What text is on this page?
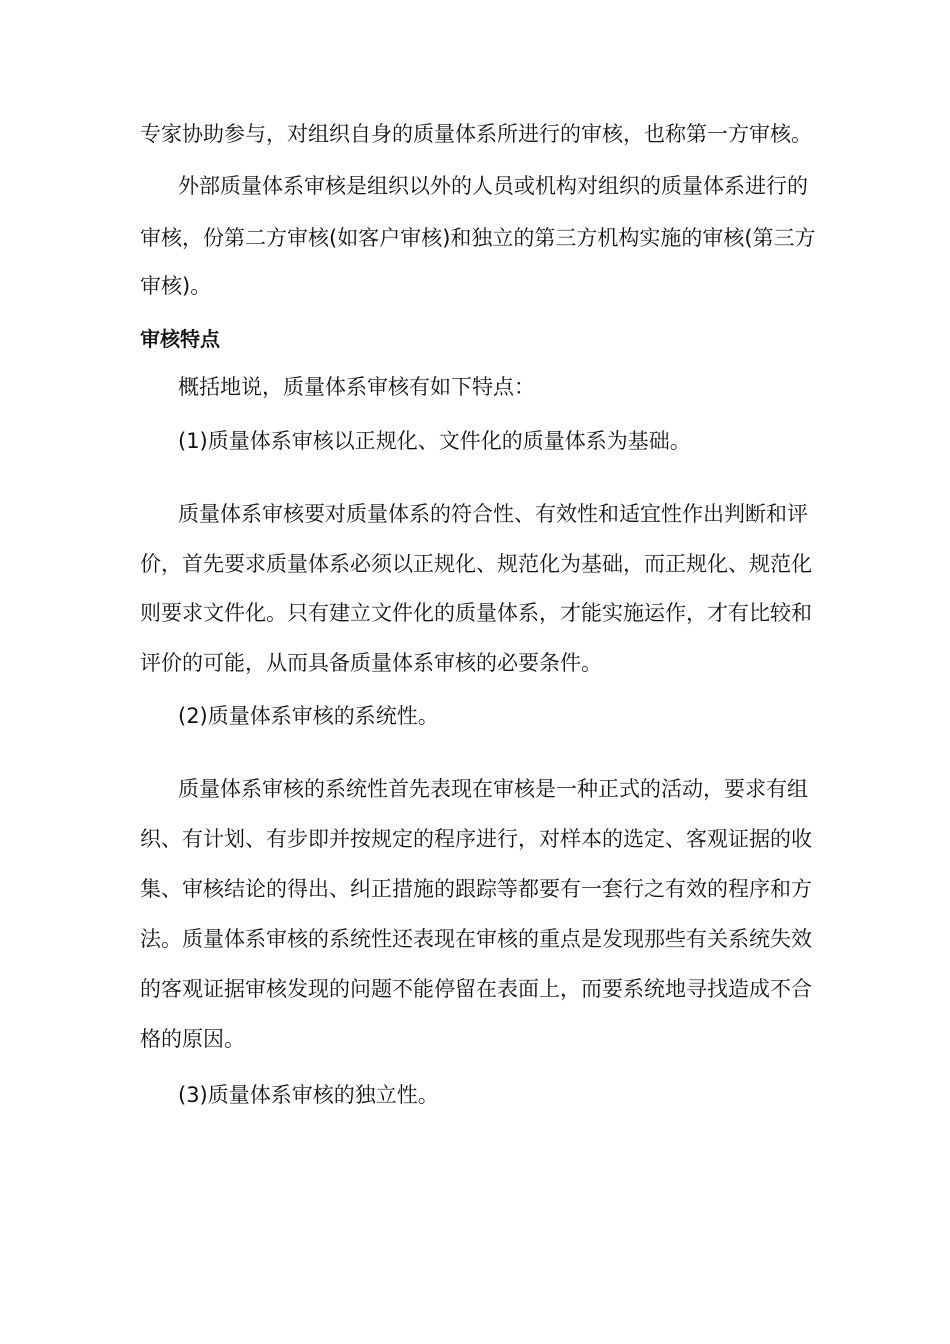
专家协助参与，对组织自身的质量体系所进行的审核，也称第一方审核。
外部质量体系审核是组织以外的人员或机构对组织的质量体系进行的
审核，份第二方审核(如客户审核)和独立的第三方机构实施的审核(第三方
审核)。
审核特点
概括地说，质量体系审核有如下特点：
(1)质量体系审核以正规化、文件化的质量体系为基础。
质量体系审核要对质量体系的符合性、有效性和适宜性作出判断和评
价，首先要求质量体系必须以正规化、规范化为基础，而正规化、规范化
则要求文件化。只有建立文件化的质量体系，才能实施运作，才有比较和
评价的可能，从而具备质量体系审核的必要条件。
(2)质量体系审核的系统性。
质量体系审核的系统性首先表现在审核是一种正式的活动，要求有组
织、有计划、有步即并按规定的程序进行，对样本的选定、客观证据的收
集、审核结论的得出、纠正措施的跟踪等都要有一套行之有效的程序和方
法。质量体系审核的系统性还表现在审核的重点是发现那些有关系统失效
的客观证据审核发现的问题不能停留在表面上，而要系统地寻找造成不合
格的原因。
(3)质量体系审核的独立性。
